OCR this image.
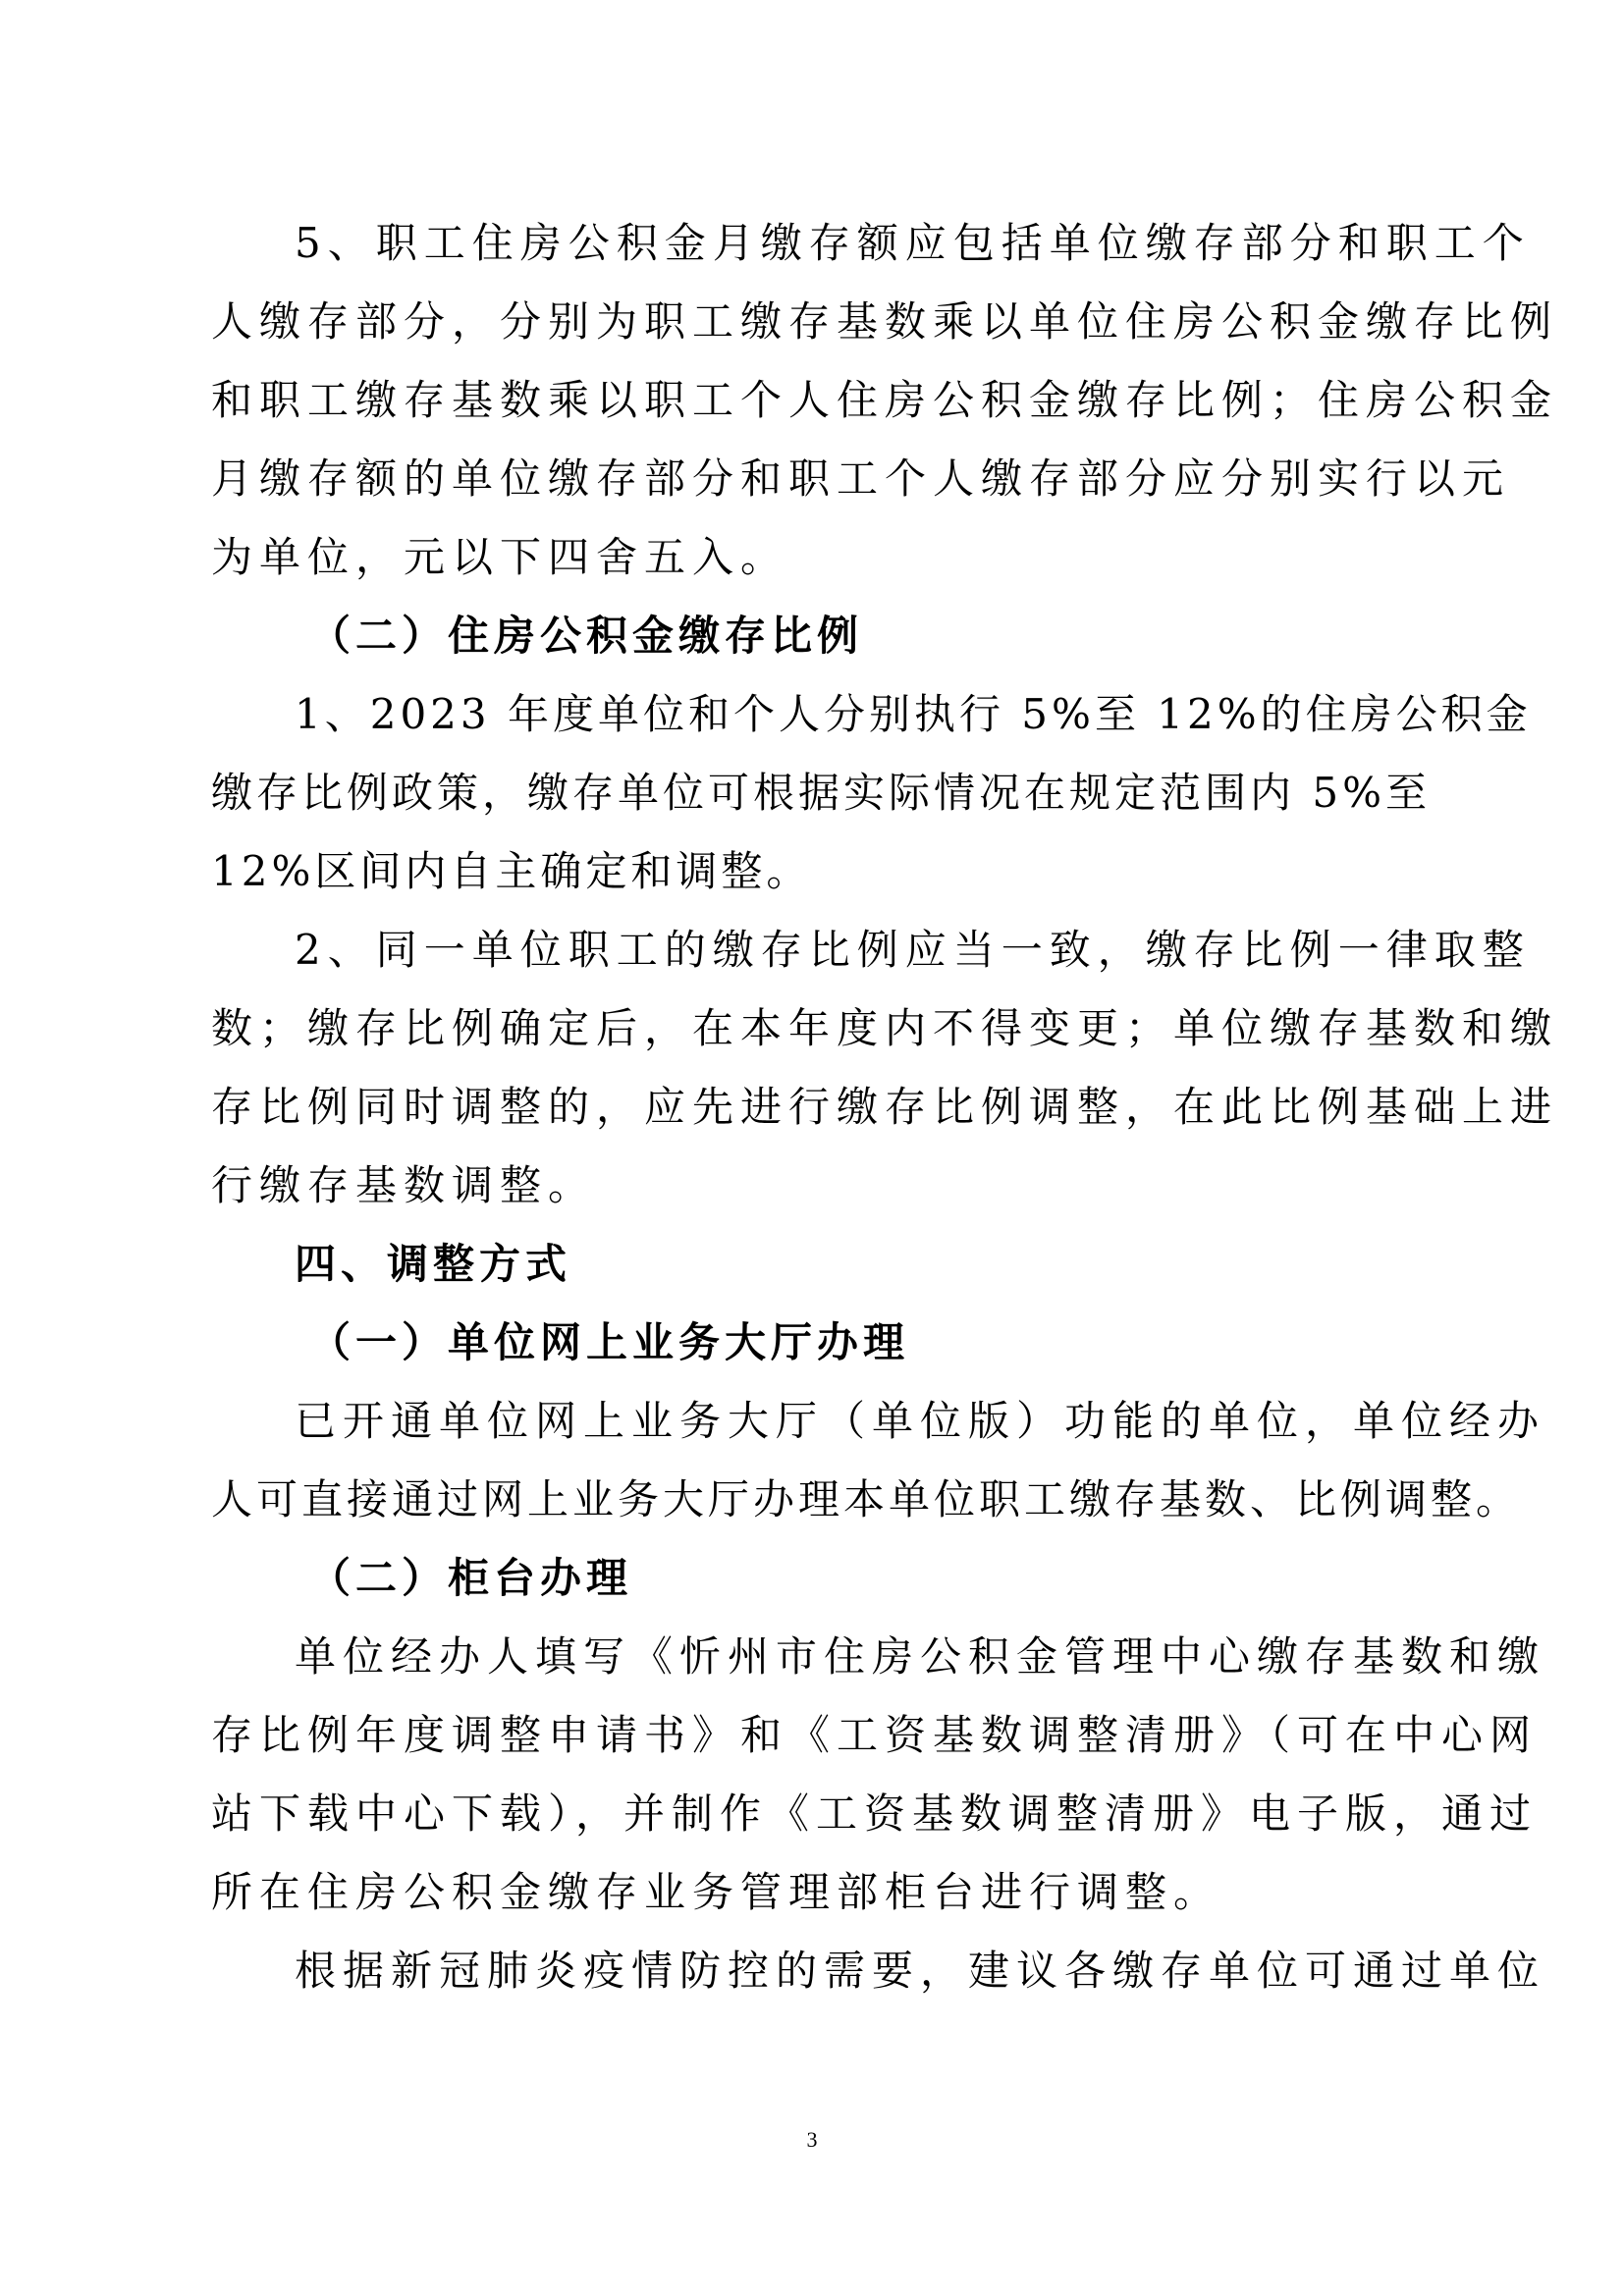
5、职工住房公积金月缴存额应包括单位缴存部分和职工个
人缴存部分，分别为职工缴存基数乘以单位住房公积金缴存比例
和职工缴存基数乘以职工个人住房公积金缴存比例；住房公积金
月缴存额的单位缴存部分和职工个人缴存部分应分别实行以元
为单位，元以下四舍五入。
（二）住房公积金缴存比例
1、2023 年度单位和个人分别执行 5%至 12%的住房公积金
缴存比例政策，缴存单位可根据实际情况在规定范围内 5%至
12%区间内自主确定和调整。
2、同一单位职工的缴存比例应当一致，缴存比例一律取整
数；缴存比例确定后，在本年度内不得变更；单位缴存基数和缴
存比例同时调整的，应先进行缴存比例调整，在此比例基础上进
行缴存基数调整。
四、调整方式
（一）单位网上业务大厅办理
已开通单位网上业务大厅（单位版）功能的单位，单位经办
人可直接通过网上业务大厅办理本单位职工缴存基数、比例调整。
（二）柜台办理
单位经办人填写《忻州市住房公积金管理中心缴存基数和缴
存比例年度调整申请书》和《工资基数调整清册》（可在中心网
站下载中心下载），并制作《工资基数调整清册》电子版，通过
所在住房公积金缴存业务管理部柜台进行调整。
根据新冠肺炎疫情防控的需要，建议各缴存单位可通过单位
3
